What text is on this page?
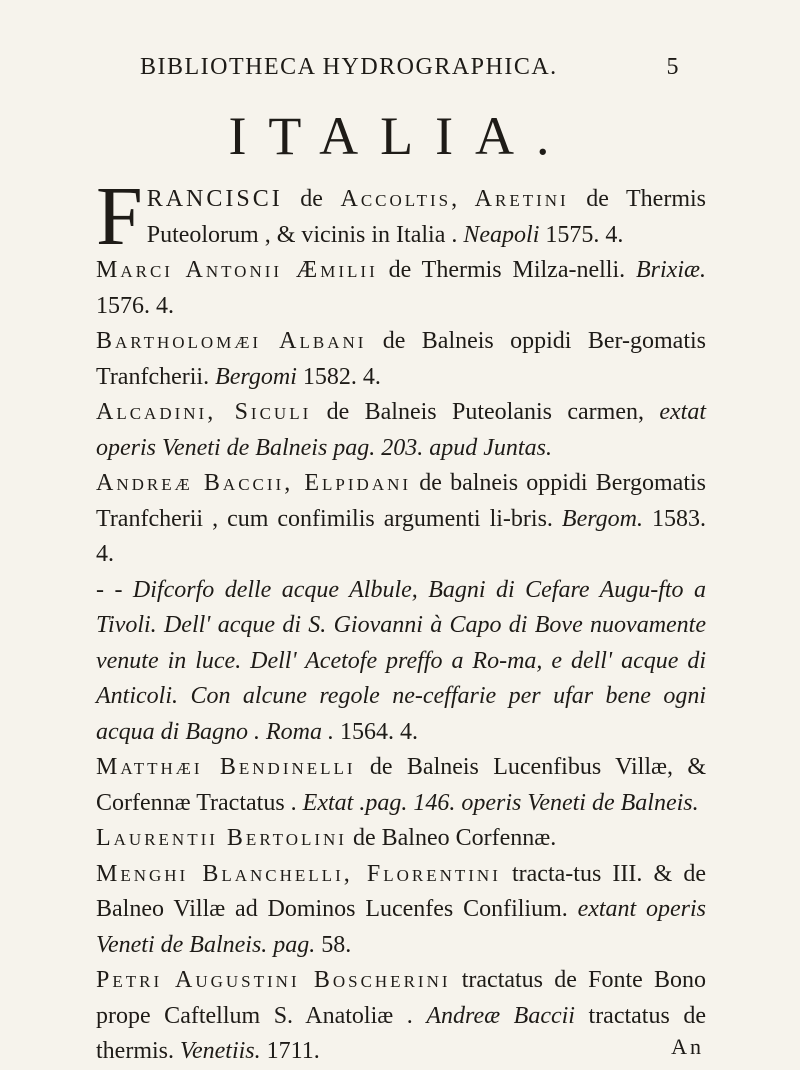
BIBLIOTHECA HYDROGRAPHICA.	5
ITALIA.

FRANCISCI de Accoltis, Aretini de Thermis Puteolorum , & vicinis in Italia . Neapoli 1575. 4.

Marci Antonii Æmilii de Thermis Milza-nelli. Brixiæ. 1576. 4.

Bartholomæi Albani de Balneis oppidi Ber-gomatis Tranfcherii. Bergomi 1582. 4.

Alcadini, Siculi de Balneis Puteolanis carmen, extat operis Veneti de Balneis pag. 203. apud Juntas.

Andreæ Baccii, Elpidani de balneis oppidi Bergomatis Tranfcherii , cum confimilis argumenti li-bris. Bergom. 1583. 4.

- - Difcorfo delle acque Albule, Bagni di Cefare Augu-fto a Tivoli. Dell' acque di S. Giovanni à Capo di Bove nuovamente venute in luce. Dell' Acetofe preffo a Ro-ma, e dell' acque di Anticoli. Con alcune regole ne-ceffarie per ufar bene ogni acqua di Bagno . Roma . 1564. 4.

Matthæi Bendinelli de Balneis Lucenfibus Villæ, & Corfennæ Tractatus . Extat .pag. 146. operis Veneti de Balneis.

Laurentii Bertolini de Balneo Corfennæ.

Menghi Blanchelli, Florentini tracta-tus III. & de Balneo Villæ ad Dominos Lucenfes Confilium. extant operis Veneti de Balneis. pag. 58.

Petri Augustini Boscherini tractatus de Fonte Bono prope Caftellum S. Anatoliæ . Andreæ Baccii tractatus de thermis. Venetiis. 1711.	An
